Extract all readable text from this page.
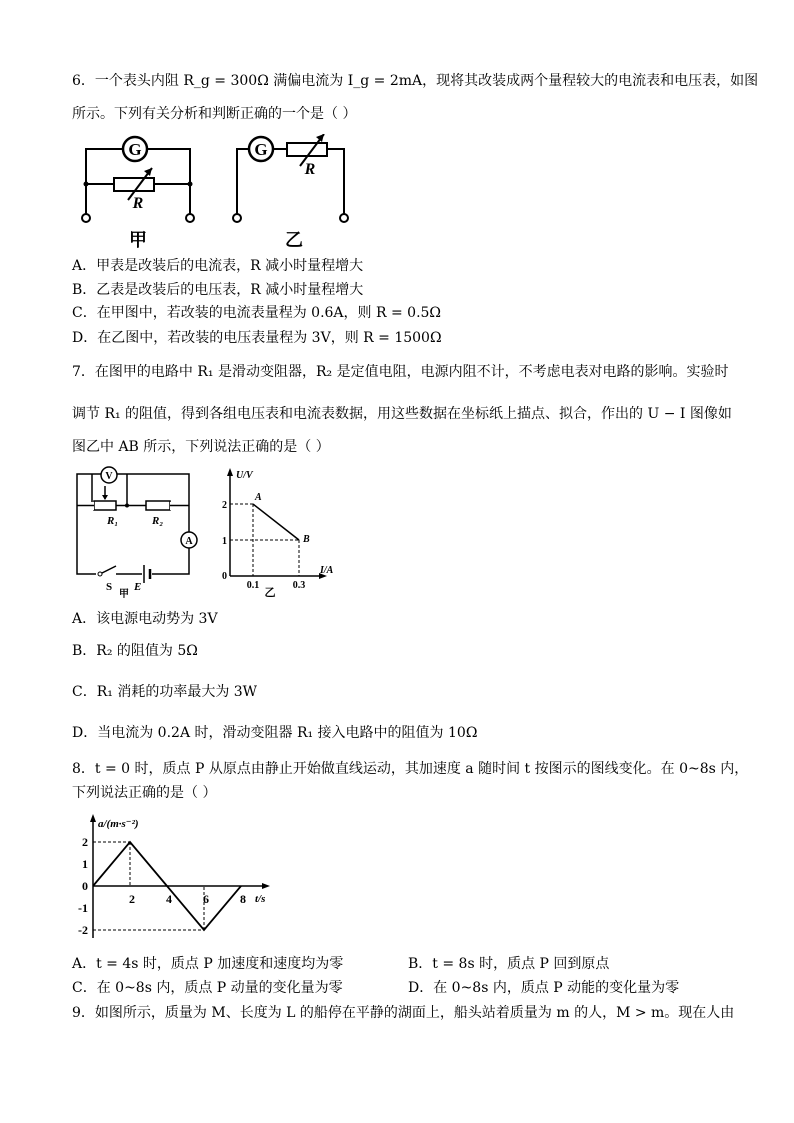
6．一个表头内阻 R_g = 300Ω 满偏电流为 I_g = 2mA，现将其改装成两个量程较大的电流表和电压表，如图
所示。下列有关分析和判断正确的一个是（ ）
G
R
甲
G
R
乙
A．甲表是改装后的电流表，R 减小时量程增大
B．乙表是改装后的电压表，R 减小时量程增大
C．在甲图中，若改装的电流表量程为 0.6A，则 R = 0.5Ω
D．在乙图中，若改装的电压表量程为 3V，则 R = 1500Ω
7．在图甲的电路中 R₁ 是滑动变阻器，R₂ 是定值电阻，电源内阻不计，不考虑电表对电路的影响。实验时
调节 R₁ 的阻值，得到各组电压表和电流表数据，用这些数据在坐标纸上描点、拟合，作出的 U − I 图像如
图乙中 AB 所示，下列说法正确的是（ ）
V
A
R₁	R₂
S E
甲
A
0.1
2
B
0.3
1
U/V
I/A
0
乙
A．该电源电动势为 3V
B．R₂ 的阻值为 5Ω
C．R₁ 消耗的功率最大为 3W
D．当电流为 0.2A 时，滑动变阻器 R₁ 接入电路中的阻值为 10Ω
8．t = 0 时，质点 P 从原点由静止开始做直线运动，其加速度 a 随时间 t 按图示的图线变化。在 0~8s 内，
下列说法正确的是（ ）
2	4	6	8
2
1
0
-1
-2
a/(m·s⁻²)
t/s
A．t = 4s 时，质点 P 加速度和速度均为零	B．t = 8s 时，质点 P 回到原点
C．在 0~8s 内，质点 P 动量的变化量为零	D．在 0~8s 内，质点 P 动能的变化量为零
9．如图所示，质量为 M、长度为 L 的船停在平静的湖面上，船头站着质量为 m 的人，M > m。现在人由
